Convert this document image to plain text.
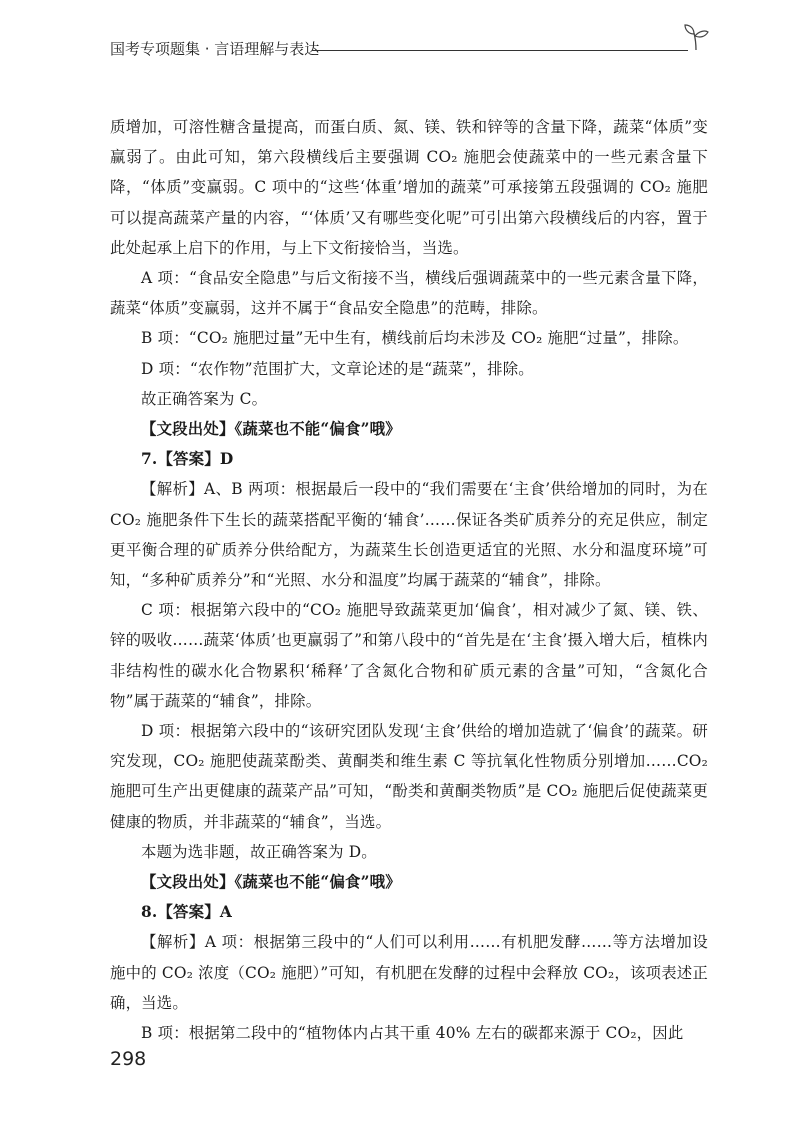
国考专项题集 · 言语理解与表达

质增加，可溶性糖含量提高，而蛋白质、氮、镁、铁和锌等的含量下降，蔬菜“体质”变赢弱了。由此可知，第六段横线后主要强调 CO₂ 施肥会使蔬菜中的一些元素含量下降，“体质”变赢弱。C 项中的“这些‘体重’增加的蔬菜”可承接第五段强调的 CO₂ 施肥可以提高蔬菜产量的内容，“‘体质’又有哪些变化呢”可引出第六段横线后的内容，置于此处起承上启下的作用，与上下文衔接恰当，当选。

A 项：“食品安全隐患”与后文衔接不当，横线后强调蔬菜中的一些元素含量下降，蔬菜“体质”变赢弱，这并不属于“食品安全隐患”的范畴，排除。

B 项：“CO₂ 施肥过量”无中生有，横线前后均未涉及 CO₂ 施肥“过量”，排除。

D 项：“农作物”范围扩大，文章论述的是“蔬菜”，排除。

故正确答案为 C。

【文段出处】《蔬菜也不能“偏食”哦》

7.【答案】D

【解析】A、B 两项：根据最后一段中的“我们需要在‘主食’供给增加的同时，为在 CO₂ 施肥条件下生长的蔬菜搭配平衡的‘辅食’……保证各类矿质养分的充足供应，制定更平衡合理的矿质养分供给配方，为蔬菜生长创造更适宜的光照、水分和温度环境”可知，“多种矿质养分”和“光照、水分和温度”均属于蔬菜的“辅食”，排除。

C 项：根据第六段中的“CO₂ 施肥导致蔬菜更加‘偏食’，相对减少了氮、镁、铁、锌的吸收……蔬菜‘体质’也更赢弱了”和第八段中的“首先是在‘主食’摄入增大后，植株内非结构性的碳水化合物累积‘稀释’了含氮化合物和矿质元素的含量”可知，“含氮化合物”属于蔬菜的“辅食”，排除。

D 项：根据第六段中的“该研究团队发现‘主食’供给的增加造就了‘偏食’的蔬菜。研究发现，CO₂ 施肥使蔬菜酚类、黄酮类和维生素 C 等抗氧化性物质分别增加……CO₂ 施肥可生产出更健康的蔬菜产品”可知，“酚类和黄酮类物质”是 CO₂ 施肥后促使蔬菜更健康的物质，并非蔬菜的“辅食”，当选。

本题为选非题，故正确答案为 D。

【文段出处】《蔬菜也不能“偏食”哦》

8.【答案】A

【解析】A 项：根据第三段中的“人们可以利用……有机肥发酵……等方法增加设施中的 CO₂ 浓度（CO₂ 施肥）”可知，有机肥在发酵的过程中会释放 CO₂，该项表述正确，当选。

B 项：根据第二段中的“植物体内占其干重 40% 左右的碳都来源于 CO₂，因此

298
